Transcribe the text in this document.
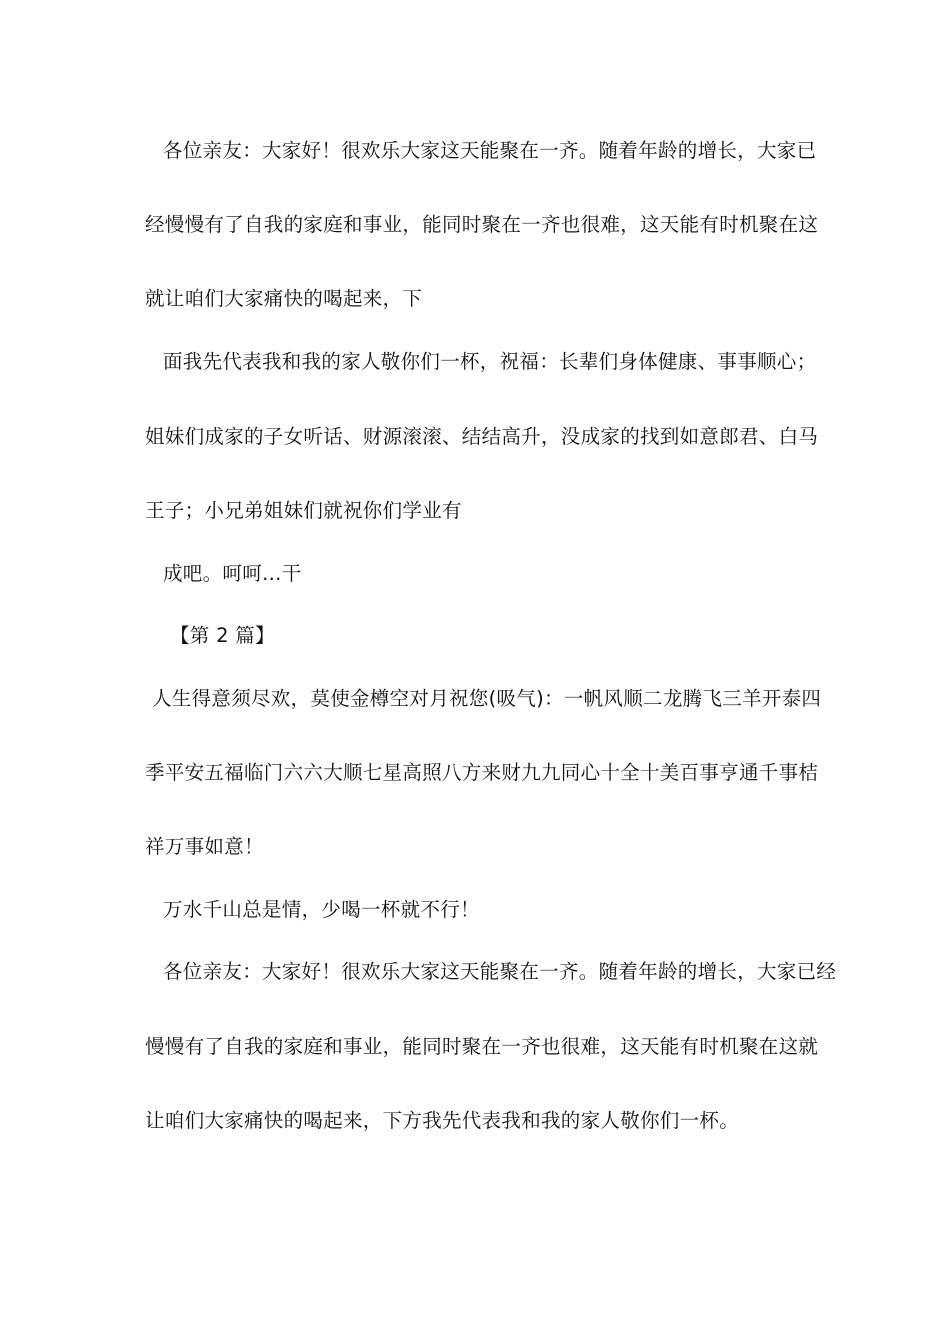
各位亲友：大家好！很欢乐大家这天能聚在一齐。随着年龄的增长，大家已
经慢慢有了自我的家庭和事业，能同时聚在一齐也很难，这天能有时机聚在这
就让咱们大家痛快的喝起来，下
面我先代表我和我的家人敬你们一杯，祝福：长辈们身体健康、事事顺心；
姐妹们成家的子女听话、财源滚滚、结结高升，没成家的找到如意郎君、白马
王子；小兄弟姐妹们就祝你们学业有
成吧。呵呵…干
【第 2 篇】
人生得意须尽欢，莫使金樽空对月祝您(吸气)：一帆风顺二龙腾飞三羊开泰四
季平安五福临门六六大顺七星高照八方来财九九同心十全十美百事亨通千事桔
祥万事如意！
万水千山总是情，少喝一杯就不行！
各位亲友：大家好！很欢乐大家这天能聚在一齐。随着年龄的增长，大家已经
慢慢有了自我的家庭和事业，能同时聚在一齐也很难，这天能有时机聚在这就
让咱们大家痛快的喝起来，下方我先代表我和我的家人敬你们一杯。
